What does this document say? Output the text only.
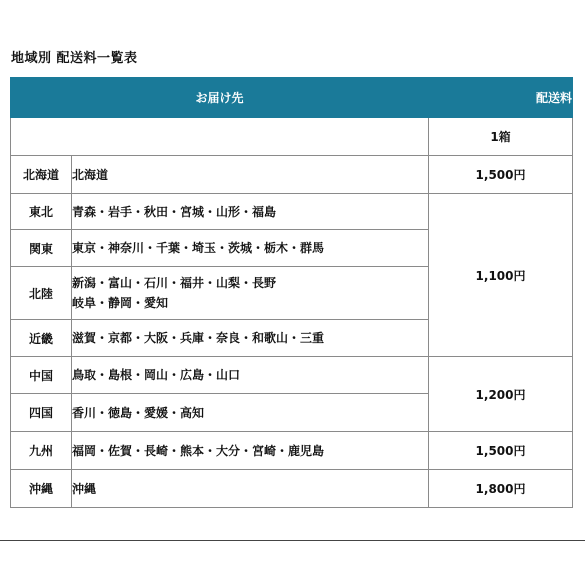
地域別 配送料一覧表
お届け先		配送料
		1箱
北海道	北海道	1,500円
東北	青森・岩手・秋田・宮城・山形・福島	1,100円
関東	東京・神奈川・千葉・埼玉・茨城・栃木・群馬	
北陸	新潟・富山・石川・福井・山梨・長野
岐阜・静岡・愛知	

近畿	滋賀・京都・大阪・兵庫・奈良・和歌山・三重	
中国	鳥取・島根・岡山・広島・山口	1,200円
四国	香川・徳島・愛媛・高知	
九州	福岡・佐賀・長崎・熊本・大分・宮崎・鹿児島	1,500円
沖縄	沖縄	1,800円
